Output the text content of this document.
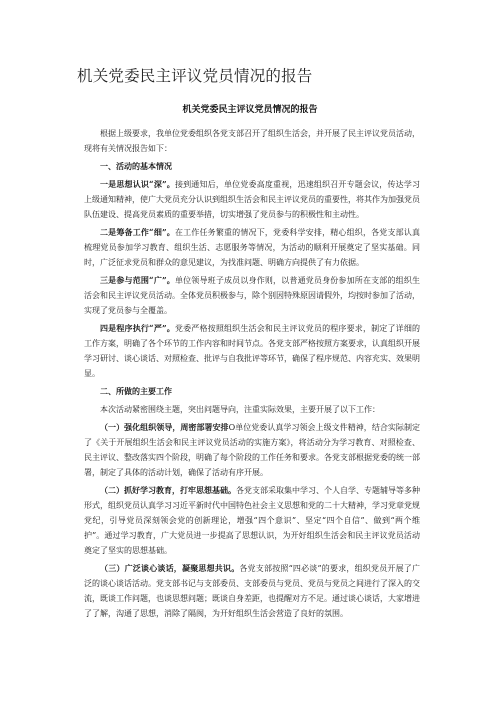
机关党委民主评议党员情况的报告
机关党委民主评议党员情况的报告

根据上级要求，我单位党委组织各党支部召开了组织生活会，并开展了民主评议党员活动，现将有关情况报告如下：

一、活动的基本情况

一是思想认识“深”。接到通知后，单位党委高度重视，迅速组织召开专题会议，传达学习上级通知精神，使广大党员充分认识到组织生活会和民主评议党员的重要性，将其作为加强党员队伍建设、提高党员素质的重要举措，切实增强了党员参与的积极性和主动性。

二是筹备工作“细”。在工作任务繁重的情况下，党委科学安排，精心组织，各党支部认真梳理党员参加学习教育、组织生活、志愿服务等情况，为活动的顺利开展奠定了坚实基础。同时，广泛征求党员和群众的意见建议，为找准问题、明确方向提供了有力依据。

三是参与范围“广”。单位领导班子成员以身作则，以普通党员身份参加所在支部的组织生活会和民主评议党员活动。全体党员积极参与，除个别因特殊原因请假外，均按时参加了活动，实现了党员参与全覆盖。

四是程序执行“严”。党委严格按照组织生活会和民主评议党员的程序要求，制定了详细的工作方案，明确了各个环节的工作内容和时间节点。各党支部严格按照方案要求，认真组织开展学习研讨、谈心谈话、对照检查、批评与自我批评等环节，确保了程序规范、内容充实、效果明显。

二、所做的主要工作

本次活动紧密围绕主题，突出问题导向，注重实际效果，主要开展了以下工作：

（一）强化组织领导，周密部署安排O单位党委认真学习领会上级文件精神，结合实际制定了《关于开展组织生活会和民主评议党员活动的实施方案》，将活动分为学习教育、对照检查、民主评议、整改落实四个阶段，明确了每个阶段的工作任务和要求。各党支部根据党委的统一部署，制定了具体的活动计划，确保了活动有序开展。

（二）抓好学习教育，打牢思想基础。各党支部采取集中学习、个人自学、专题辅导等多种形式，组织党员认真学习习近平新时代中国特色社会主义思想和党的二十大精神，学习党章党规党纪，引导党员深刻领会党的创新理论，增强“四个意识”、坚定“四个自信”、做到“两个维护”。通过学习教育，广大党员进一步提高了思想认识，为开好组织生活会和民主评议党员活动奠定了坚实的思想基础。

（三）广泛谈心谈话，凝聚思想共识。各党支部按照“四必谈”的要求，组织党员开展了广泛的谈心谈话活动。党支部书记与支部委员、支部委员与党员、党员与党员之间进行了深入的交流，既谈工作问题，也谈思想问题；既谈自身差距，也提醒对方不足。通过谈心谈话，大家增进了了解，沟通了思想，消除了隔阂，为开好组织生活会营造了良好的氛围。
